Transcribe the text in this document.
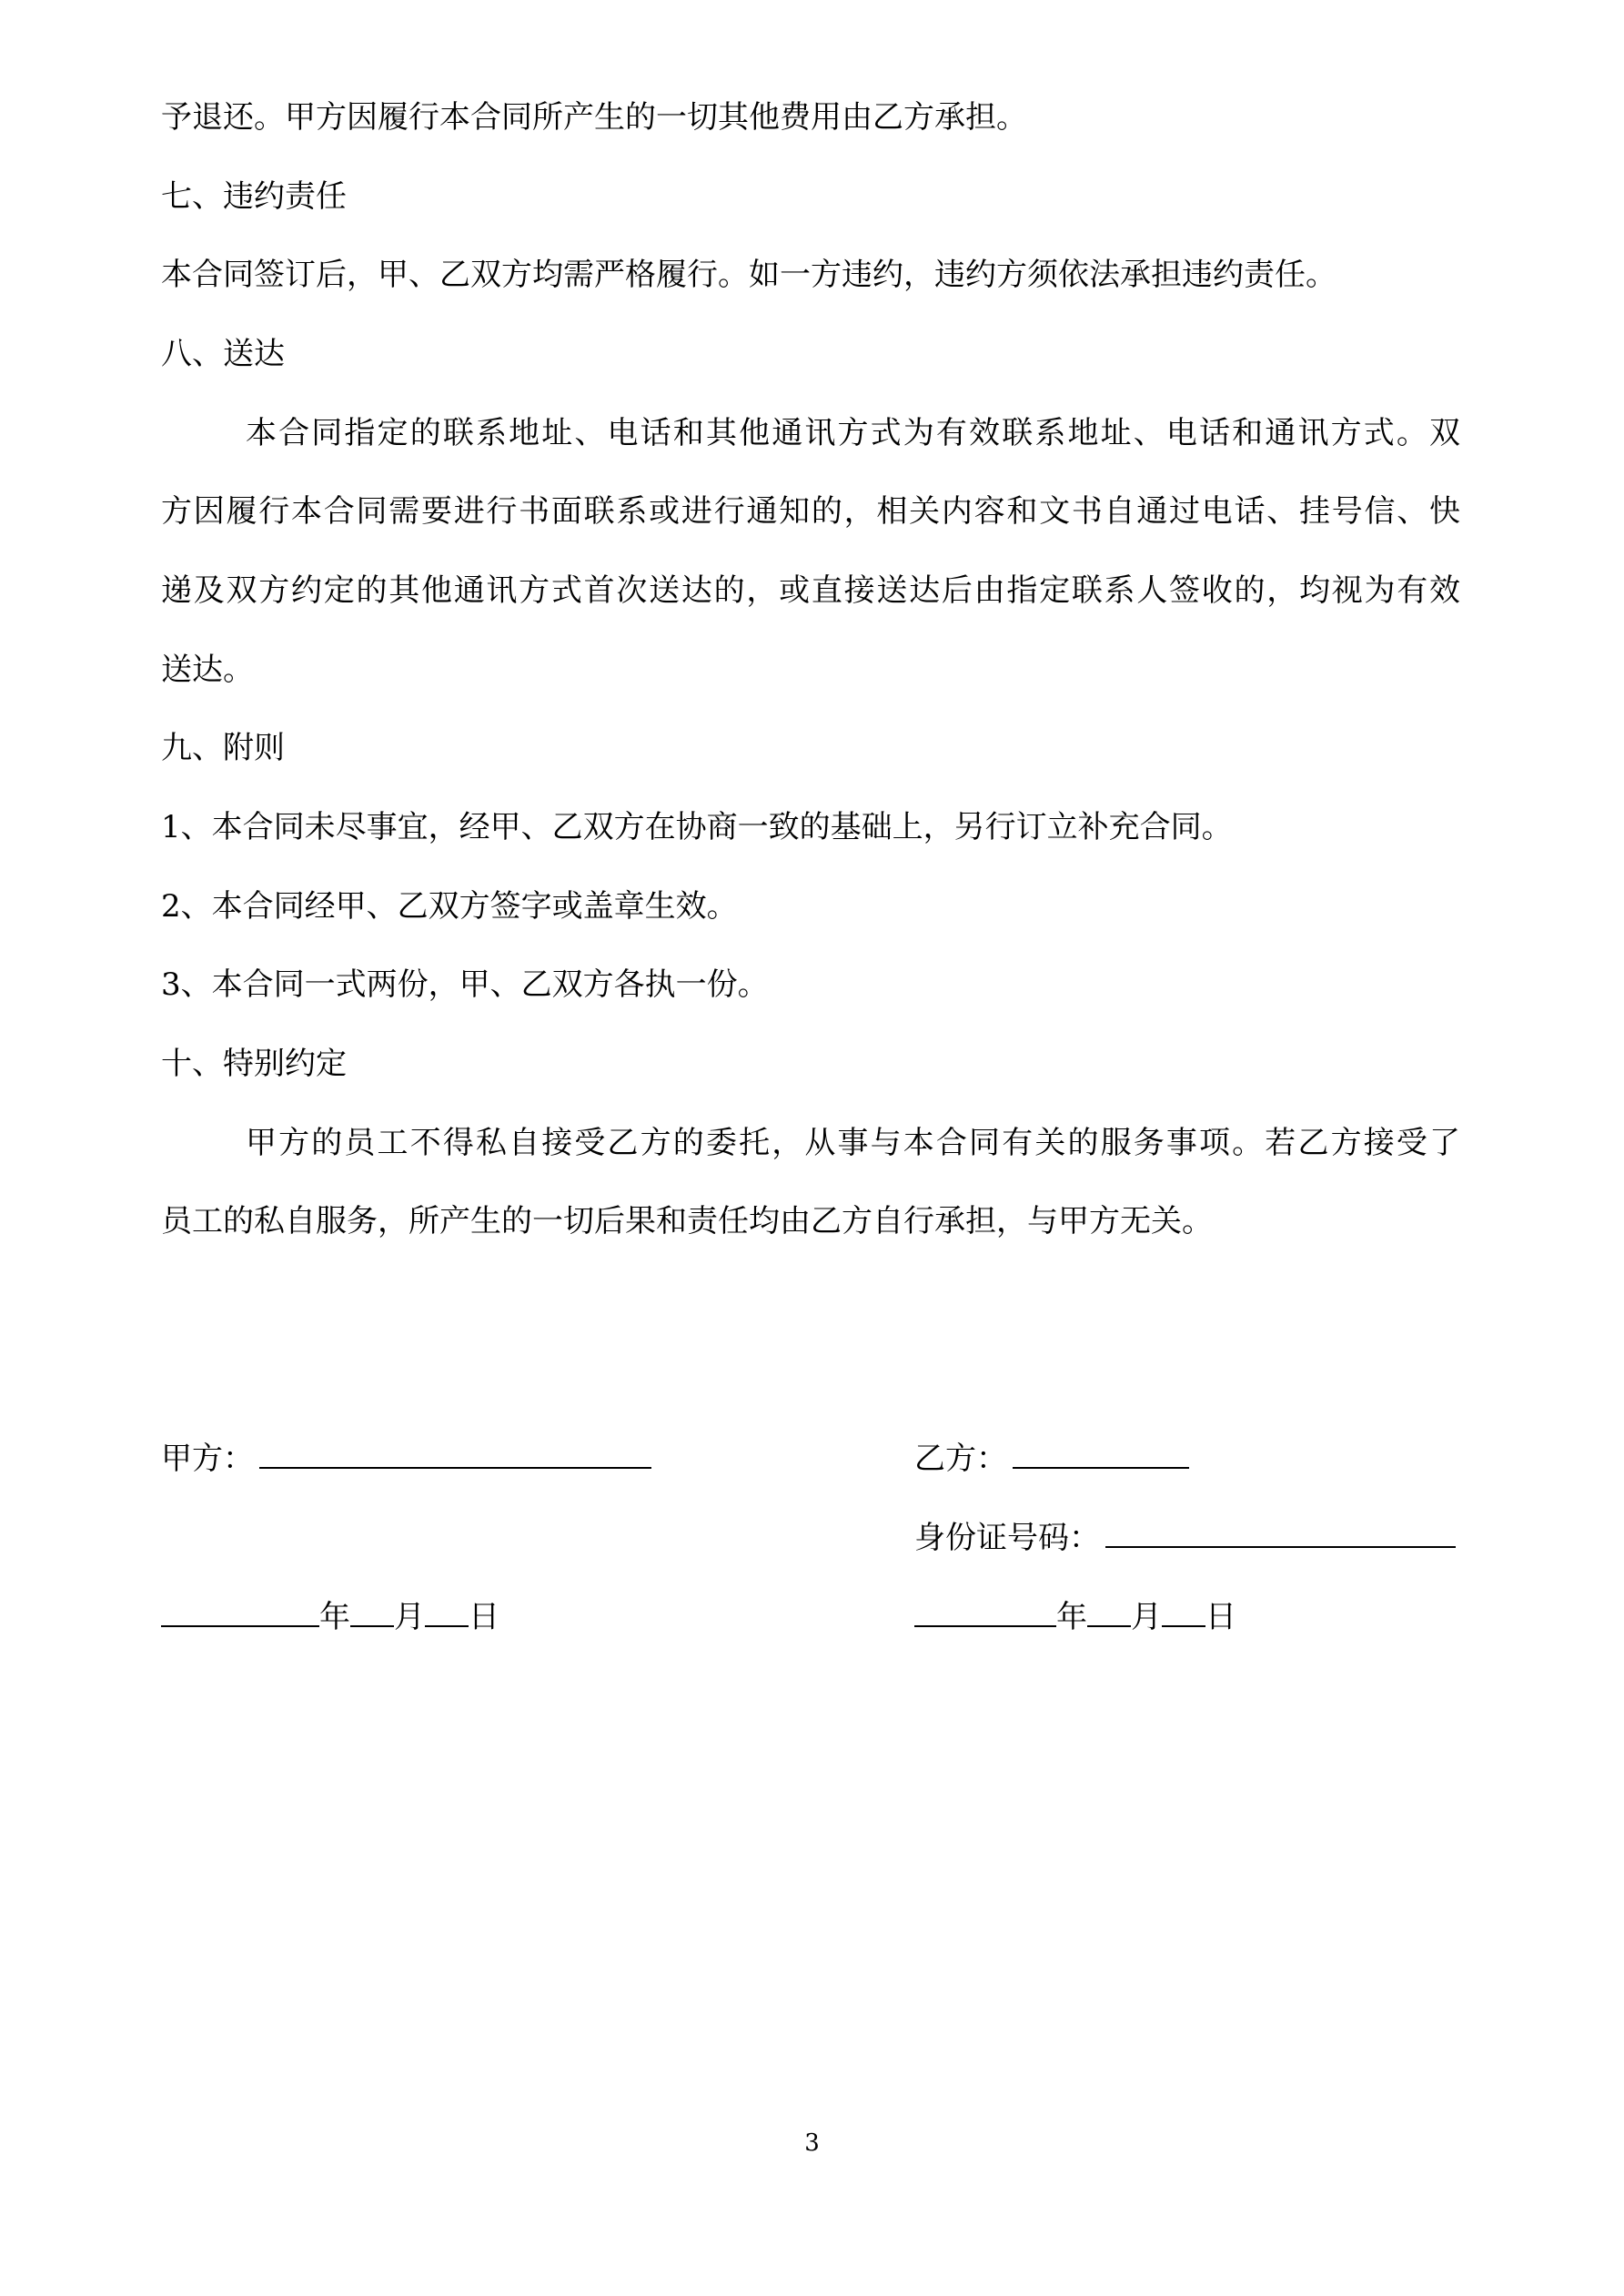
予退还。甲方因履行本合同所产生的一切其他费用由乙方承担。
七、违约责任
本合同签订后，甲、乙双方均需严格履行。如一方违约，违约方须依法承担违约责任。
八、送达
本合同指定的联系地址、电话和其他通讯方式为有效联系地址、电话和通讯方式。双
方因履行本合同需要进行书面联系或进行通知的，相关内容和文书自通过电话、挂号信、快
递及双方约定的其他通讯方式首次送达的，或直接送达后由指定联系人签收的，均视为有效
送达。
九、附则
1、本合同未尽事宜，经甲、乙双方在协商一致的基础上，另行订立补充合同。
2、本合同经甲、乙双方签字或盖章生效。
3、本合同一式两份，甲、乙双方各执一份。
十、特别约定
甲方的员工不得私自接受乙方的委托，从事与本合同有关的服务事项。若乙方接受了
员工的私自服务，所产生的一切后果和责任均由乙方自行承担，与甲方无关。
甲方：	乙方：
身份证号码：
年 月 日	年 月 日
3
